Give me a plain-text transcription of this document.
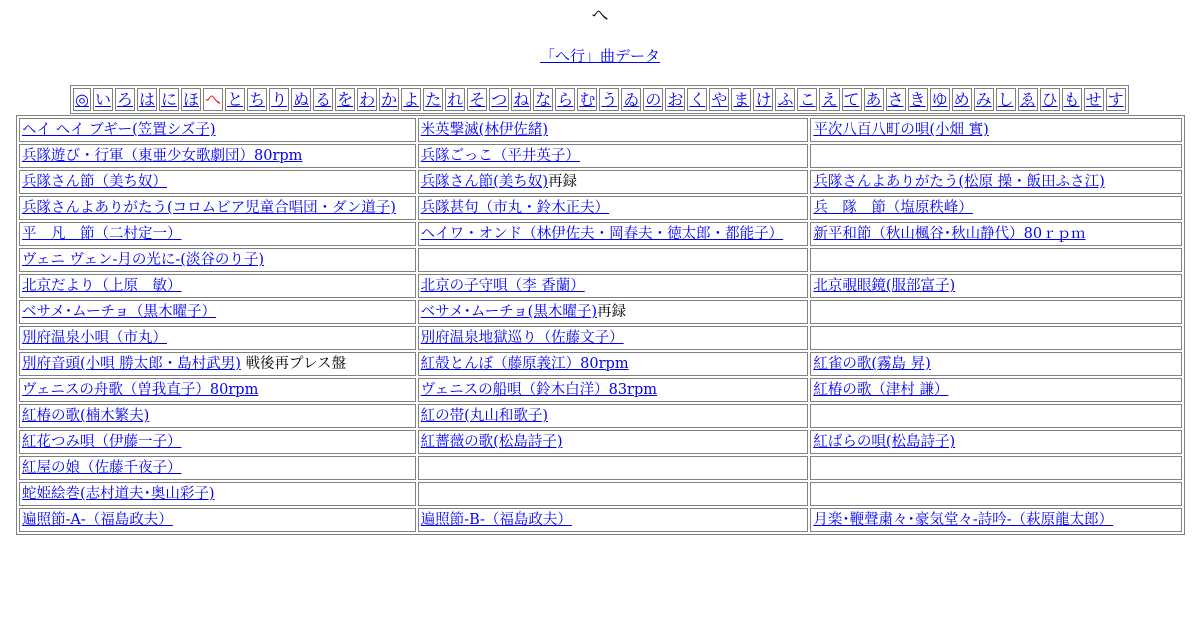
へ
「へ行」曲データ
◎	い	ろ	は	に	ほ	へ	と	ち	り	ぬ	る	を	わ	か	よ	た	れ	そ	つ	ね	な	ら	む	う	ゐ	の	お	く	や	ま	け	ふ	こ	え	て	あ	さ	き	ゆ	め	み	し	ゑ	ひ	も	せ	す
ヘイ ヘイ ブギー(笠置シズ子)	米英撃滅(林伊佐緒)	平次八百八町の唄(小畑 實)
兵隊遊び・行軍（東亜少女歌劇団）80rpm	兵隊ごっこ（平井英子）	
兵隊さん節（美ち奴）	兵隊さん節(美ち奴)再録	兵隊さんよありがたう(松原 操・飯田ふさ江)
兵隊さんよありがたう(コロムビア児童合唱団・ダン道子)	兵隊甚句（市丸・鈴木正夫）	兵　隊　節（塩原秩峰）
平　凡　節（二村定一）	ヘイワ・オンド（林伊佐夫・岡春夫・徳太郎・都能子）	新平和節（秋山楓谷･秋山静代）80ｒｐｍ
ヴェニ ヴェン-月の光に-(淡谷のり子)		
北京だより（上原　敏）	北京の子守唄（李 香蘭）	北京覗眼鏡(服部富子)
ベサメ･ムーチョ（黒木曜子）	ベサメ･ムーチョ(黒木曜子)再録	
別府温泉小唄（市丸）	別府温泉地獄巡り（佐藤文子）	
別府音頭(小唄 勝太郎・島村武男) 戦後再プレス盤	紅殻とんぼ（藤原義江）80rpm	紅雀の歌(霧島 昇)
ヴェニスの舟歌（曽我直子）80rpm	ヴェニスの船唄（鈴木白洋）83rpm	紅椿の歌（津村 謙）
紅椿の歌(楠木繁夫)	紅の帯(丸山和歌子)	
紅花つみ唄（伊藤一子）	紅薔薇の歌(松島詩子)	紅ばらの唄(松島詩子)
紅屋の娘（佐藤千夜子）		
蛇姫絵巻(志村道夫･奥山彩子)		
遍照節-A-（福島政夫）	遍照節-B-（福島政夫）	月楽･鞭聲粛々･豪気堂々-詩吟-（萩原龍太郎）
